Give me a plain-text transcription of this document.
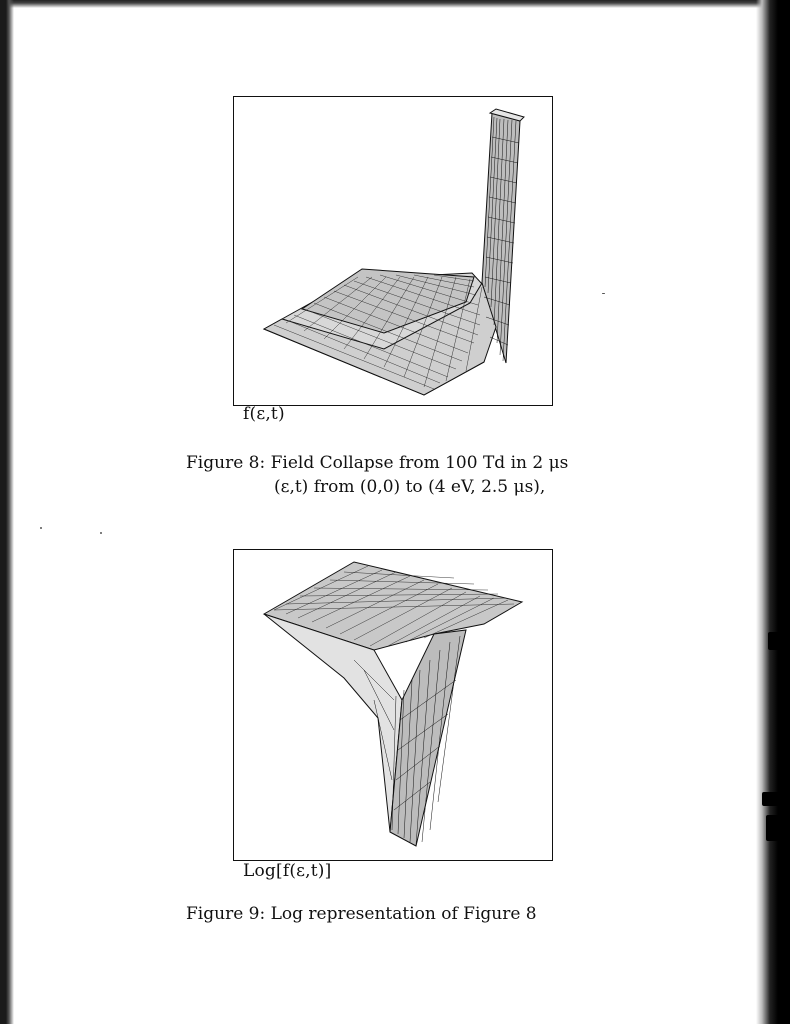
f(ε,t)
Figure 8: Field Collapse from 100 Td in 2 μs
(ε,t) from (0,0) to (4 eV, 2.5 μs),
Log[f(ε,t)]
Figure 9: Log representation of Figure 8
